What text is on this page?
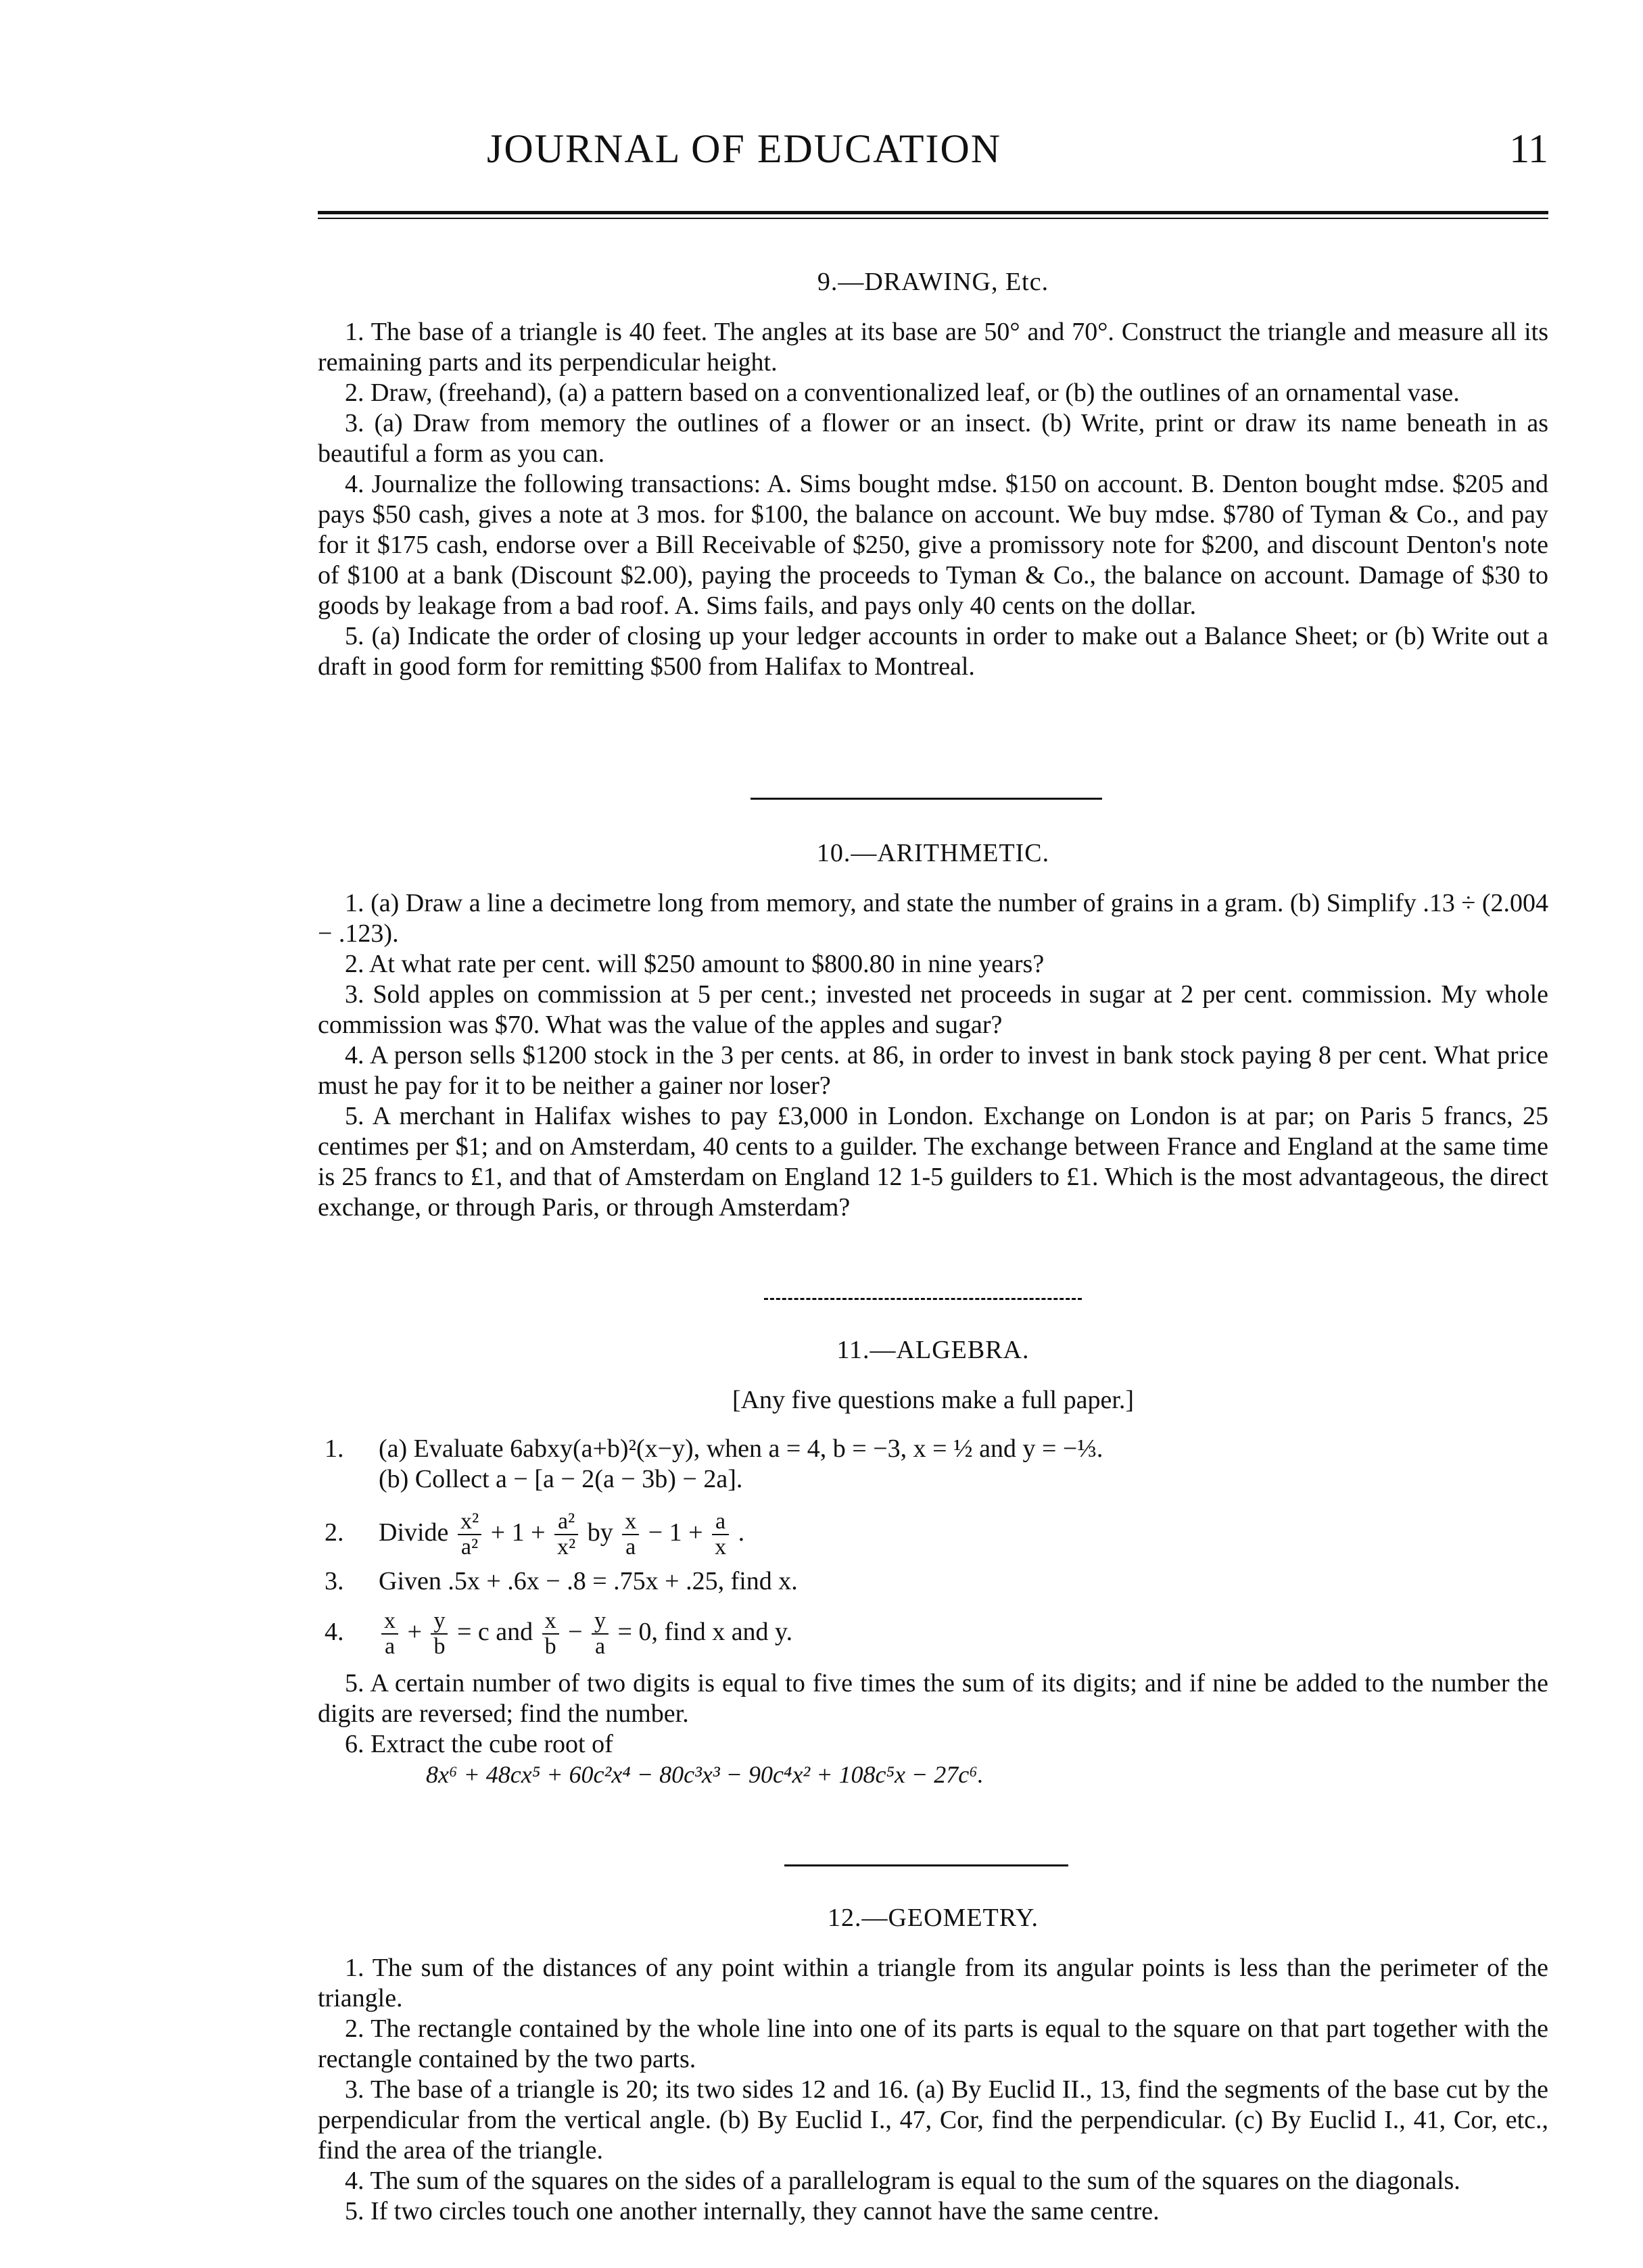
JOURNAL OF EDUCATION	11

9.—DRAWING, Etc.

1. The base of a triangle is 40 feet. The angles at its base are 50° and 70°. Construct the triangle and measure all its remaining parts and its perpendicular height.

2. Draw, (freehand), (a) a pattern based on a conventionalized leaf, or (b) the outlines of an ornamental vase.

3. (a) Draw from memory the outlines of a flower or an insect. (b) Write, print or draw its name beneath in as beautiful a form as you can.

4. Journalize the following transactions: A. Sims bought mdse. $150 on account. B. Denton bought mdse. $205 and pays $50 cash, gives a note at 3 mos. for $100, the balance on account. We buy mdse. $780 of Tyman & Co., and pay for it $175 cash, endorse over a Bill Receivable of $250, give a promissory note for $200, and discount Denton's note of $100 at a bank (Discount $2.00), paying the proceeds to Tyman & Co., the balance on account. Damage of $30 to goods by leakage from a bad roof. A. Sims fails, and pays only 40 cents on the dollar.

5. (a) Indicate the order of closing up your ledger accounts in order to make out a Balance Sheet; or (b) Write out a draft in good form for remitting $500 from Halifax to Montreal.

10.—ARITHMETIC.

1. (a) Draw a line a decimetre long from memory, and state the number of grains in a gram. (b) Simplify .13 ÷ (2.004 − .123).

2. At what rate per cent. will $250 amount to $800.80 in nine years?

3. Sold apples on commission at 5 per cent.; invested net proceeds in sugar at 2 per cent. commission. My whole commission was $70. What was the value of the apples and sugar?

4. A person sells $1200 stock in the 3 per cents. at 86, in order to invest in bank stock paying 8 per cent. What price must he pay for it to be neither a gainer nor loser?

5. A merchant in Halifax wishes to pay £3,000 in London. Exchange on London is at par; on Paris 5 francs, 25 centimes per $1; and on Amsterdam, 40 cents to a guilder. The exchange between France and England at the same time is 25 francs to £1, and that of Amsterdam on England 12 1-5 guilders to £1. Which is the most advantageous, the direct exchange, or through Paris, or through Amsterdam?

11.—ALGEBRA.

[Any five questions make a full paper.]

1. (a) Evaluate 6abxy(a+b)²(x−y), when a = 4, b = −3, x = ½ and y = −⅓.
(b) Collect a − [a − 2(a − 3b) − 2a].
2. Divide $\frac{\text{x²}}{\text{a²}} + 1 + \frac{\text{a²}}{\text{x²}}$ by $\frac{x}{a} - 1 + \frac{a}{x}$ .
3. Given .5x + .6x − .8 = .75x + .25, find x.
4. $\frac{x}{a} + \frac{y}{b} = c$ and $\frac{x}{b} - \frac{y}{a} = 0$, find x and y.

5. A certain number of two digits is equal to five times the sum of its digits; and if nine be added to the number the digits are reversed; find the number.

6. Extract the cube root of

8x⁶ + 48cx⁵ + 60c²x⁴ − 80c³x³ − 90c⁴x² + 108c⁵x − 27c⁶.

12.—GEOMETRY.

1. The sum of the distances of any point within a triangle from its angular points is less than the perimeter of the triangle.

2. The rectangle contained by the whole line into one of its parts is equal to the square on that part together with the rectangle contained by the two parts.

3. The base of a triangle is 20; its two sides 12 and 16. (a) By Euclid II., 13, find the segments of the base cut by the perpendicular from the vertical angle. (b) By Euclid I., 47, Cor, find the perpendicular. (c) By Euclid I., 41, Cor, etc., find the area of the triangle.

4. The sum of the squares on the sides of a parallelogram is equal to the sum of the squares on the diagonals.

5. If two circles touch one another internally, they cannot have the same centre.
